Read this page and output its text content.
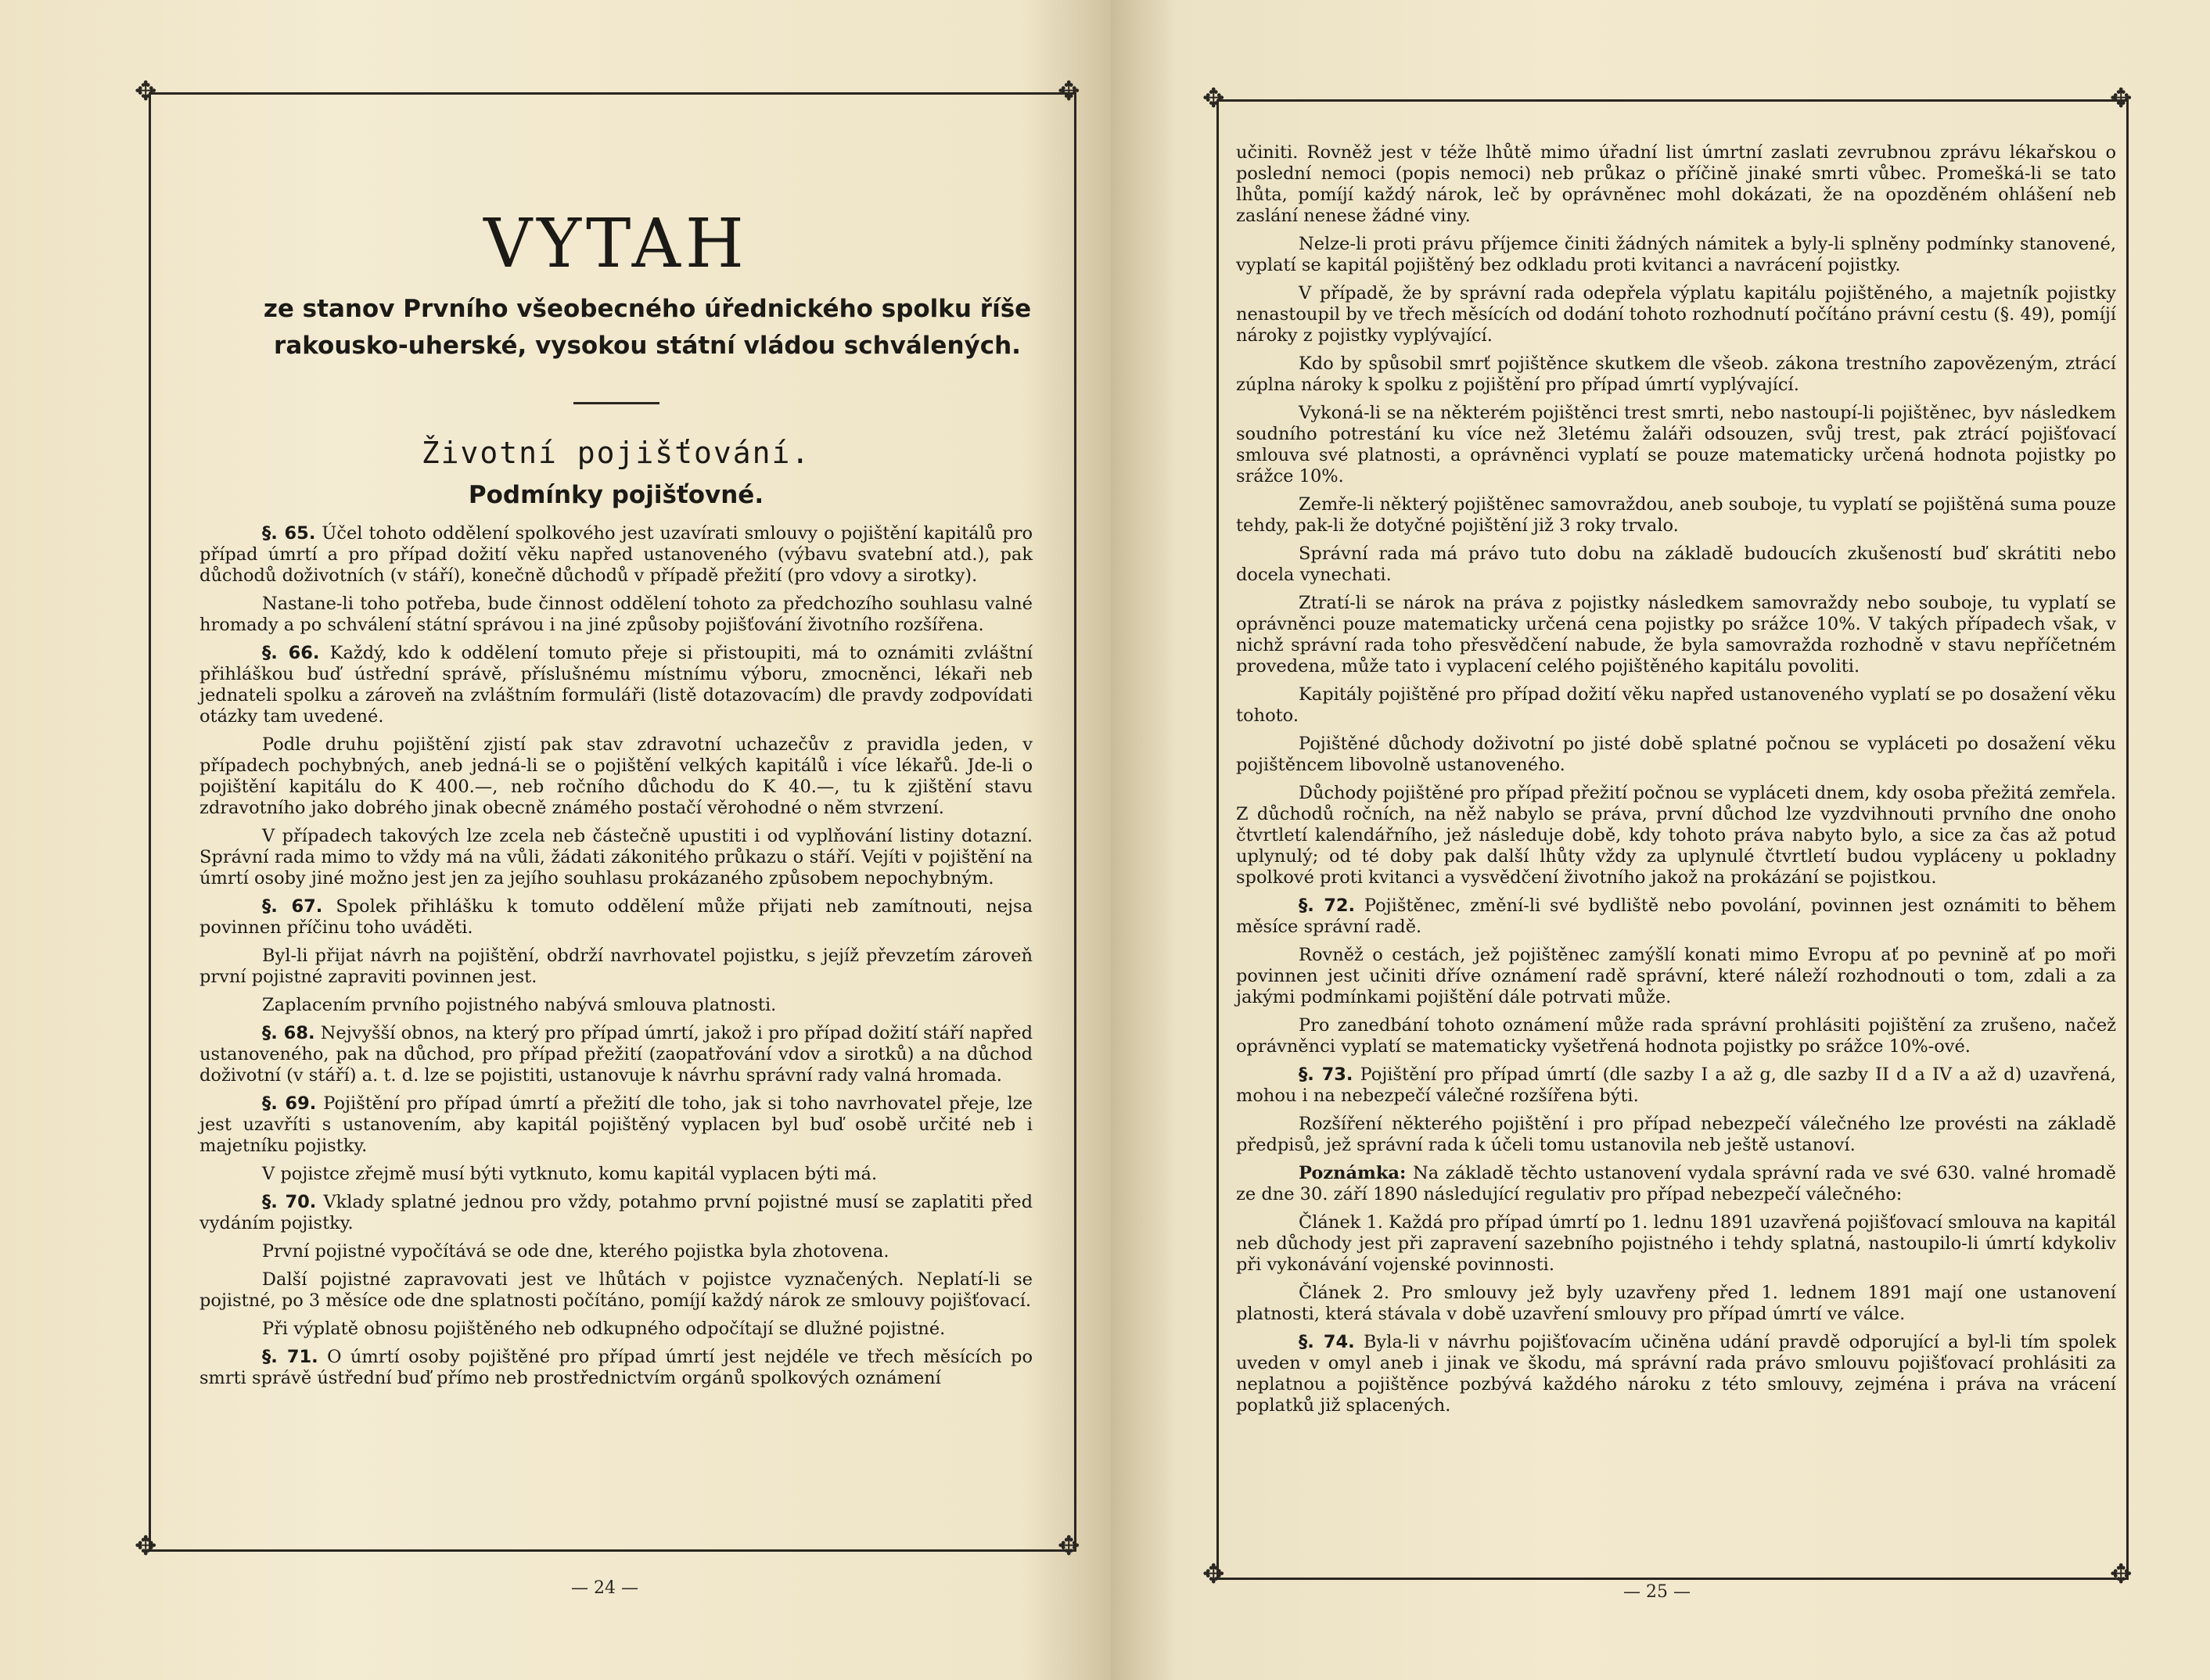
✥	✥
✥	✥
VYTAH

ze stanov Prvního všeobecného úřednického spolku říše

rakousko-uherské, vysokou státní vládou schválených.

Životní pojišťování.
Podmínky pojišťovné.

§. 65. Účel tohoto oddělení spolkového jest uzavírati smlouvy o pojištění kapitálů pro případ úmrtí a pro případ dožití věku napřed ustanoveného (výbavu svatební atd.), pak důchodů doživotních (v stáří), konečně důchodů v případě přežití (pro vdovy a sirotky).

Nastane-li toho potřeba, bude činnost oddělení tohoto za předchozího souhlasu valné hromady a po schválení státní správou i na jiné způsoby pojišťování životního rozšířena.

§. 66. Každý, kdo k oddělení tomuto přeje si přistoupiti, má to oznámiti zvláštní přihláškou buď ústřední správě, příslušnému místnímu výboru, zmocněnci, lékaři neb jednateli spolku a zároveň na zvláštním formuláři (listě dotazovacím) dle pravdy zodpovídati otázky tam uvedené.

Podle druhu pojištění zjistí pak stav zdravotní uchazečův z pravidla jeden, v případech pochybných, aneb jedná-li se o pojištění velkých kapitálů i více lékařů. Jde-li o pojištění kapitálu do K 400.—, neb ročního důchodu do K 40.—, tu k zjištění stavu zdravotního jako dobrého jinak obecně známého postačí věrohodné o něm stvrzení.

V případech takových lze zcela neb částečně upustiti i od vyplňování listiny dotazní. Správní rada mimo to vždy má na vůli, žádati zákonitého průkazu o stáří. Vejíti v pojištění na úmrtí osoby jiné možno jest jen za jejího souhlasu prokázaného způsobem nepochybným.

§. 67. Spolek přihlášku k tomuto oddělení může přijati neb zamítnouti, nejsa povinnen příčinu toho uváděti.

Byl-li přijat návrh na pojištění, obdrží navrhovatel pojistku, s jejíž převzetím zároveň první pojistné zapraviti povinnen jest.

Zaplacením prvního pojistného nabývá smlouva platnosti.

§. 68. Nejvyšší obnos, na který pro případ úmrtí, jakož i pro případ dožití stáří napřed ustanoveného, pak na důchod, pro případ přežití (zaopatřování vdov a sirotků) a na důchod doživotní (v stáří) a. t. d. lze se pojistiti, ustanovuje k návrhu správní rady valná hromada.

§. 69. Pojištění pro případ úmrtí a přežití dle toho, jak si toho navrhovatel přeje, lze jest uzavříti s ustanovením, aby kapitál pojištěný vyplacen byl buď osobě určité neb i majetníku pojistky.

V pojistce zřejmě musí býti vytknuto, komu kapitál vyplacen býti má.

§. 70. Vklady splatné jednou pro vždy, potahmo první pojistné musí se zaplatiti před vydáním pojistky.

První pojistné vypočítává se ode dne, kterého pojistka byla zhotovena.

Další pojistné zapravovati jest ve lhůtách v pojistce vyznačených. Neplatí-li se pojistné, po 3 měsíce ode dne splatnosti počítáno, pomíjí každý nárok ze smlouvy pojišťovací.

Při výplatě obnosu pojištěného neb odkupného odpočítají se dlužné pojistné.

§. 71. O úmrtí osoby pojištěné pro případ úmrtí jest nejdéle ve třech měsících po smrti správě ústřední buď přímo neb prostřednictvím orgánů spolkových oznámení

— 24 —
✥	✥
✥	✥

učiniti. Rovněž jest v téže lhůtě mimo úřadní list úmrtní zaslati zevrubnou zprávu lékařskou o poslední nemoci (popis nemoci) neb průkaz o příčině jinaké smrti vůbec. Promešká-li se tato lhůta, pomíjí každý nárok, leč by oprávněnec mohl dokázati, že na opozděném ohlášení neb zaslání nenese žádné viny.

Nelze-li proti právu příjemce činiti žádných námitek a byly-li splněny podmínky stanovené, vyplatí se kapitál pojištěný bez odkladu proti kvitanci a navrácení pojistky.

V případě, že by správní rada odepřela výplatu kapitálu pojištěného, a majetník pojistky nenastoupil by ve třech měsících od dodání tohoto rozhodnutí počítáno právní cestu (§. 49), pomíjí nároky z pojistky vyplývající.

Kdo by spůsobil smrť pojištěnce skutkem dle všeob. zákona trestního zapovězeným, ztrácí zúplna nároky k spolku z pojištění pro případ úmrtí vyplývající.

Vykoná-li se na některém pojištěnci trest smrti, nebo nastoupí-li pojištěnec, byv následkem soudního potrestání ku více než 3letému žaláři odsouzen, svůj trest, pak ztrácí pojišťovací smlouva své platnosti, a oprávněnci vyplatí se pouze matematicky určená hodnota pojistky po srážce 10%.

Zemře-li některý pojištěnec samovraždou, aneb souboje, tu vyplatí se pojištěná suma pouze tehdy, pak-li že dotyčné pojištění již 3 roky trvalo.

Správní rada má právo tuto dobu na základě budoucích zkušeností buď skrátiti nebo docela vynechati.

Ztratí-li se nárok na práva z pojistky následkem samovraždy nebo souboje, tu vyplatí se oprávněnci pouze matematicky určená cena pojistky po srážce 10%. V takých případech však, v nichž správní rada toho přesvědčení nabude, že byla samovražda rozhodně v stavu nepříčetném provedena, může tato i vyplacení celého pojištěného kapitálu povoliti.

Kapitály pojištěné pro případ dožití věku napřed ustanoveného vyplatí se po dosažení věku tohoto.

Pojištěné důchody doživotní po jisté době splatné počnou se vypláceti po dosažení věku pojištěncem libovolně ustanoveného.

Důchody pojištěné pro případ přežití počnou se vypláceti dnem, kdy osoba přežitá zemřela. Z důchodů ročních, na něž nabylo se práva, první důchod lze vyzdvihnouti prvního dne onoho čtvrtletí kalendářního, jež následuje době, kdy tohoto práva nabyto bylo, a sice za čas až potud uplynulý; od té doby pak další lhůty vždy za uplynulé čtvrtletí budou vypláceny u pokladny spolkové proti kvitanci a vysvědčení životního jakož na prokázání se pojistkou.

§. 72. Pojištěnec, změní-li své bydliště nebo povolání, povinnen jest oznámiti to během měsíce správní radě.

Rovněž o cestách, jež pojištěnec zamýšlí konati mimo Evropu ať po pevnině ať po moři povinnen jest učiniti dříve oznámení radě správní, které náleží rozhodnouti o tom, zdali a za jakými podmínkami pojištění dále potrvati může.

Pro zanedbání tohoto oznámení může rada správní prohlásiti pojištění za zrušeno, načež oprávněnci vyplatí se matematicky vyšetřená hodnota pojistky po srážce 10%-ové.

§. 73. Pojištění pro případ úmrtí (dle sazby I a až g, dle sazby II d a IV a až d) uzavřená, mohou i na nebezpečí válečné rozšířena býti.

Rozšíření některého pojištění i pro případ nebezpečí válečného lze provésti na základě předpisů, jež správní rada k účeli tomu ustanovila neb ještě ustanoví.

Poznámka: Na základě těchto ustanovení vydala správní rada ve své 630. valné hromadě ze dne 30. září 1890 následující regulativ pro případ nebezpečí válečného:

Článek 1. Každá pro případ úmrtí po 1. lednu 1891 uzavřená pojišťovací smlouva na kapitál neb důchody jest při zapravení sazebního pojistného i tehdy splatná, nastoupilo-li úmrtí kdykoliv při vykonávání vojenské povinnosti.

Článek 2. Pro smlouvy jež byly uzavřeny před 1. lednem 1891 mají one ustanovení platnosti, která stávala v době uzavření smlouvy pro případ úmrtí ve válce.

§. 74. Byla-li v návrhu pojišťovacím učiněna udání pravdě odporující a byl-li tím spolek uveden v omyl aneb i jinak ve škodu, má správní rada právo smlouvu pojišťovací prohlásiti za neplatnou a pojištěnce pozbývá každého nároku z této smlouvy, zejména i práva na vrácení poplatků již splacených.

— 25 —
